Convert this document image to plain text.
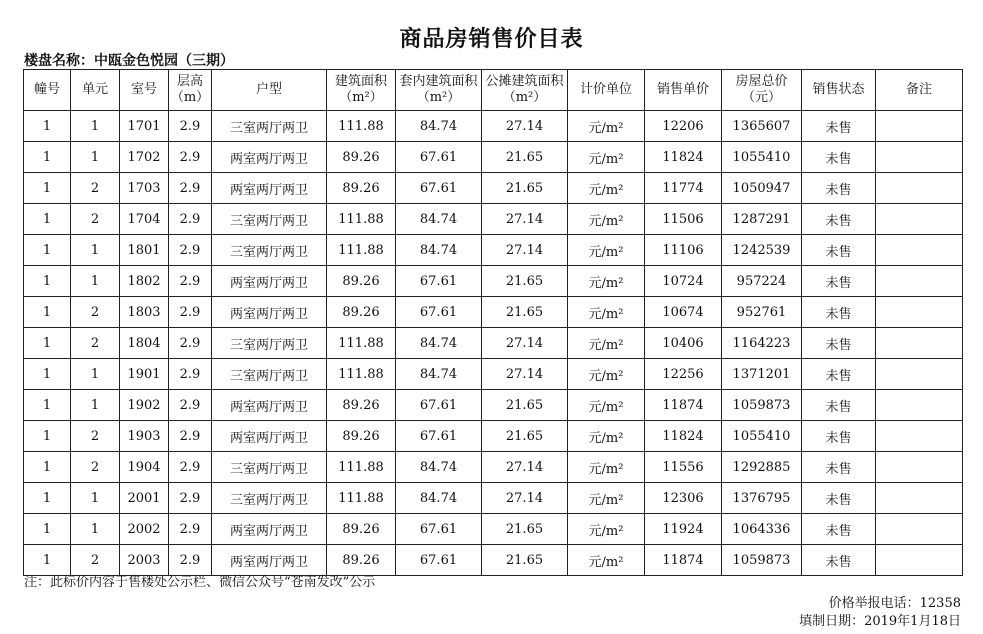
商品房销售价目表
楼盘名称：中瓯金色悦园（三期）
幢号	单元	室号	层高（m）	户型	建筑面积（m²）	套内建筑面积（m²）	公摊建筑面积（m²）	计价单位	销售单价	房屋总价（元）	销售状态	备注
1	1	1701	2.9	三室两厅两卫	111.88	84.74	27.14	元/m²	12206	1365607	未售	
1	1	1702	2.9	两室两厅两卫	89.26	67.61	21.65	元/m²	11824	1055410	未售	
1	2	1703	2.9	两室两厅两卫	89.26	67.61	21.65	元/m²	11774	1050947	未售	
1	2	1704	2.9	三室两厅两卫	111.88	84.74	27.14	元/m²	11506	1287291	未售	
1	1	1801	2.9	三室两厅两卫	111.88	84.74	27.14	元/m²	11106	1242539	未售	
1	1	1802	2.9	两室两厅两卫	89.26	67.61	21.65	元/m²	10724	957224	未售	
1	2	1803	2.9	两室两厅两卫	89.26	67.61	21.65	元/m²	10674	952761	未售	
1	2	1804	2.9	三室两厅两卫	111.88	84.74	27.14	元/m²	10406	1164223	未售	
1	1	1901	2.9	三室两厅两卫	111.88	84.74	27.14	元/m²	12256	1371201	未售	
1	1	1902	2.9	两室两厅两卫	89.26	67.61	21.65	元/m²	11874	1059873	未售	
1	2	1903	2.9	两室两厅两卫	89.26	67.61	21.65	元/m²	11824	1055410	未售	
1	2	1904	2.9	三室两厅两卫	111.88	84.74	27.14	元/m²	11556	1292885	未售	
1	1	2001	2.9	三室两厅两卫	111.88	84.74	27.14	元/m²	12306	1376795	未售	
1	1	2002	2.9	两室两厅两卫	89.26	67.61	21.65	元/m²	11924	1064336	未售	
1	2	2003	2.9	两室两厅两卫	89.26	67.61	21.65	元/m²	11874	1059873	未售	
注：此标价内容于售楼处公示栏、微信公众号“苍南发改”公示
价格举报电话：12358
填制日期：2019年1月18日
